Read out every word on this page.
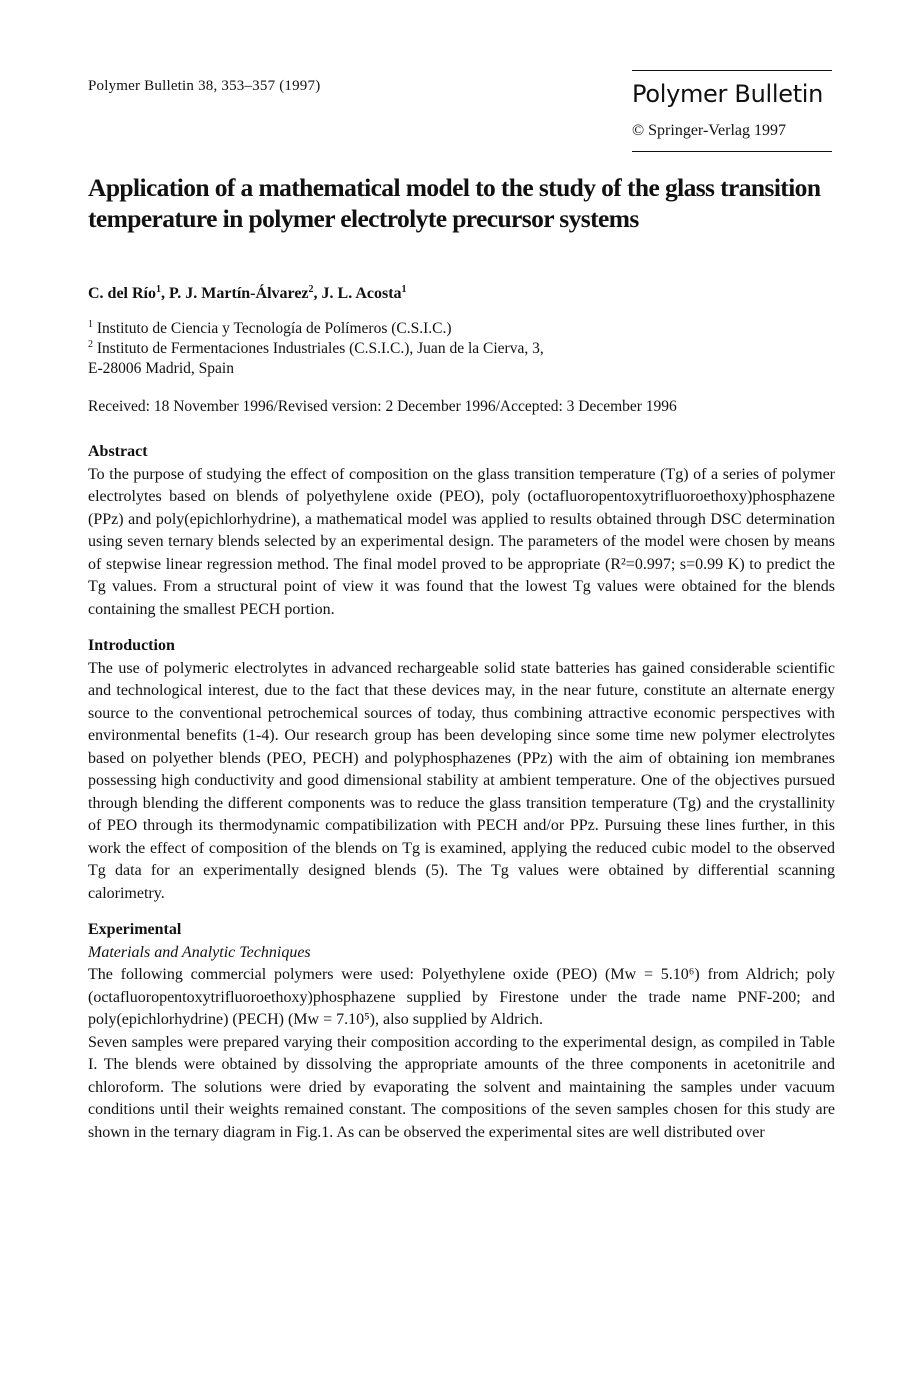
Polymer Bulletin 38, 353–357 (1997)	Polymer Bulletin
© Springer-Verlag 1997
Application of a mathematical model to the study of the glass transition temperature in polymer electrolyte precursor systems
C. del Río$^1$, P. J. Martín-Álvarez$^2$, J. L. Acosta$^1$
$^1$ Instituto de Ciencia y Tecnología de Polímeros (C.S.I.C.)
$^2$ Instituto de Fermentaciones Industriales (C.S.I.C.), Juan de la Cierva, 3,
E-28006 Madrid, Spain
Received: 18 November 1996/Revised version: 2 December 1996/Accepted: 3 December 1996
Abstract
To the purpose of studying the effect of composition on the glass transition temperature (Tg) of a series of polymer electrolytes based on blends of polyethylene oxide (PEO), poly (octafluoropentoxytrifluoroethoxy)phosphazene (PPz) and poly(epichlorhydrine), a mathematical model was applied to results obtained through DSC determination using seven ternary blends selected by an experimental design. The parameters of the model were chosen by means of stepwise linear regression method. The final model proved to be appropriate (R²=0.997; s=0.99 K) to predict the Tg values. From a structural point of view it was found that the lowest Tg values were obtained for the blends containing the smallest PECH portion.
Introduction
The use of polymeric electrolytes in advanced rechargeable solid state batteries has gained considerable scientific and technological interest, due to the fact that these devices may, in the near future, constitute an alternate energy source to the conventional petrochemical sources of today, thus combining attractive economic perspectives with environmental benefits (1-4). Our research group has been developing since some time new polymer electrolytes based on polyether blends (PEO, PECH) and polyphosphazenes (PPz) with the aim of obtaining ion membranes possessing high conductivity and good dimensional stability at ambient temperature. One of the objectives pursued through blending the different components was to reduce the glass transition temperature (Tg) and the crystallinity of PEO through its thermodynamic compatibilization with PECH and/or PPz. Pursuing these lines further, in this work the effect of composition of the blends on Tg is examined, applying the reduced cubic model to the observed Tg data for an experimentally designed blends (5). The Tg values were obtained by differential scanning calorimetry.
Experimental
Materials and Analytic Techniques
The following commercial polymers were used: Polyethylene oxide (PEO) (Mw = 5.10⁶) from Aldrich; poly (octafluoropentoxytrifluoroethoxy)phosphazene supplied by Firestone under the trade name PNF-200; and poly(epichlorhydrine) (PECH) (Mw = 7.10⁵), also supplied by Aldrich.
Seven samples were prepared varying their composition according to the experimental design, as compiled in Table I. The blends were obtained by dissolving the appropriate amounts of the three components in acetonitrile and chloroform. The solutions were dried by evaporating the solvent and maintaining the samples under vacuum conditions until their weights remained constant. The compositions of the seven samples chosen for this study are shown in the ternary diagram in Fig.1. As can be observed the experimental sites are well distributed over
